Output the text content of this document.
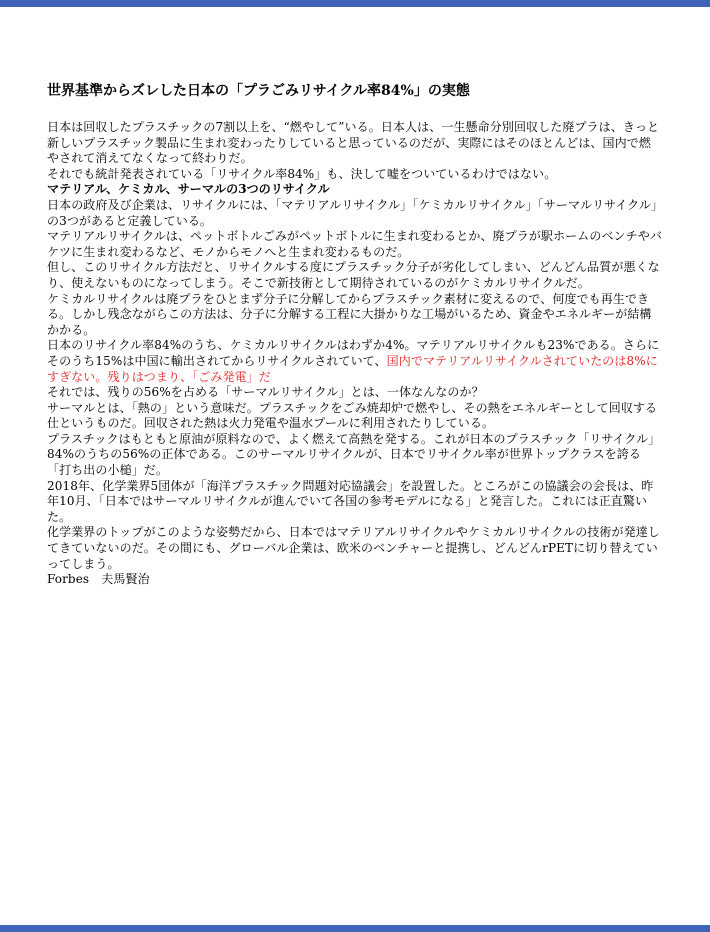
世界基準からズレした日本の「プラごみリサイクル率84%」の実態

日本は回収したプラスチックの7割以上を、“燃やして”いる。日本人は、一生懸命分別回収した廃プラは、きっと新しいプラスチック製品に生まれ変わったりしていると思っているのだが、実際にはそのほとんどは、国内で燃やされて消えてなくなって終わりだ。

それでも統計発表されている「リサイクル率84%」も、決して嘘をついているわけではない。

マテリアル、ケミカル、サーマルの3つのリサイクル

日本の政府及び企業は、リサイクルには、「マテリアルリサイクル」「ケミカルリサイクル」「サーマルリサイクル」の3つがあると定義している。

マテリアルリサイクルは、ペットボトルごみがペットボトルに生まれ変わるとか、廃プラが駅ホームのベンチやバケツに生まれ変わるなど、モノからモノへと生まれ変わるものだ。

但し、このリサイクル方法だと、リサイクルする度にプラスチック分子が劣化してしまい、どんどん品質が悪くなり、使えないものになってしまう。そこで新技術として期待されているのがケミカルリサイクルだ。

ケミカルリサイクルは廃プラをひとまず分子に分解してからプラスチック素材に変えるので、何度でも再生できる。しかし残念ながらこの方法は、分子に分解する工程に大掛かりな工場がいるため、資金やエネルギーが結構かかる。

日本のリサイクル率84%のうち、ケミカルリサイクルはわずか4%。マテリアルリサイクルも23%である。さらにそのうち15%は中国に輸出されてからリサイクルされていて、国内でマテリアルリサイクルされていたのは8%にすぎない。残りはつまり、「ごみ発電」だ

それでは、残りの56%を占める「サーマルリサイクル」とは、一体なんなのか？

サーマルとは、「熱の」という意味だ。プラスチックをごみ焼却炉で燃やし、その熱をエネルギーとして回収する仕というものだ。回収された熱は火力発電や温水プールに利用されたりしている。

プラスチックはもともと原油が原料なので、よく燃えて高熱を発する。これが日本のプラスチック「リサイクル」84%のうちの56%の正体である。このサーマルリサイクルが、日本でリサイクル率が世界トップクラスを誇る「打ち出の小槌」だ。

2018年、化学業界5団体が「海洋プラスチック問題対応協議会」を設置した。ところがこの協議会の会長は、昨年10月、「日本ではサーマルリサイクルが進んでいて各国の参考モデルになる」と発言した。これには正直驚いた。

化学業界のトップがこのような姿勢だから、日本ではマテリアルリサイクルやケミカルリサイクルの技術が発達してきていないのだ。その間にも、グローバル企業は、欧米のベンチャーと提携し、どんどんrPETに切り替えていってしまう。

Forbes　夫馬賢治
